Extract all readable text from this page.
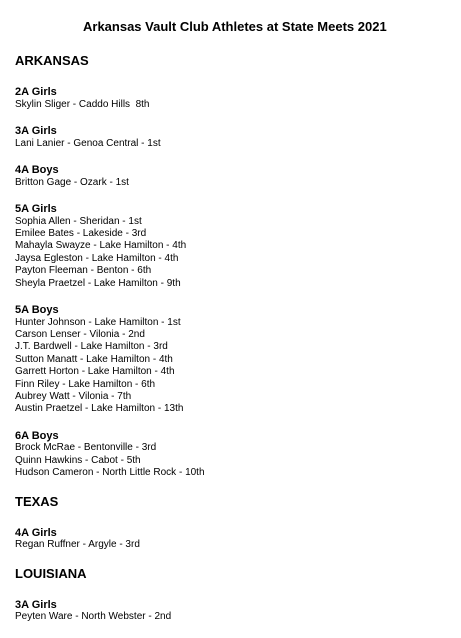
Arkansas Vault Club Athletes at State Meets 2021
ARKANSAS
2A Girls
Skylin Sliger - Caddo Hills  8th
3A Girls
Lani Lanier - Genoa Central - 1st
4A Boys
Britton Gage - Ozark - 1st
5A Girls
Sophia Allen - Sheridan - 1st
Emilee Bates - Lakeside - 3rd
Mahayla Swayze - Lake Hamilton - 4th
Jaysa Egleston - Lake Hamilton - 4th
Payton Fleeman - Benton - 6th
Sheyla Praetzel - Lake Hamilton - 9th
5A Boys
Hunter Johnson - Lake Hamilton - 1st
Carson Lenser - Vilonia - 2nd
J.T. Bardwell - Lake Hamilton - 3rd
Sutton Manatt - Lake Hamilton - 4th
Garrett Horton - Lake Hamilton - 4th
Finn Riley - Lake Hamilton - 6th
Aubrey Watt - Vilonia - 7th
Austin Praetzel - Lake Hamilton - 13th
6A Boys
Brock McRae - Bentonville - 3rd
Quinn Hawkins - Cabot - 5th
Hudson Cameron - North Little Rock - 10th
TEXAS
4A Girls
Regan Ruffner - Argyle - 3rd
LOUISIANA
3A Girls
Peyten Ware - North Webster - 2nd
